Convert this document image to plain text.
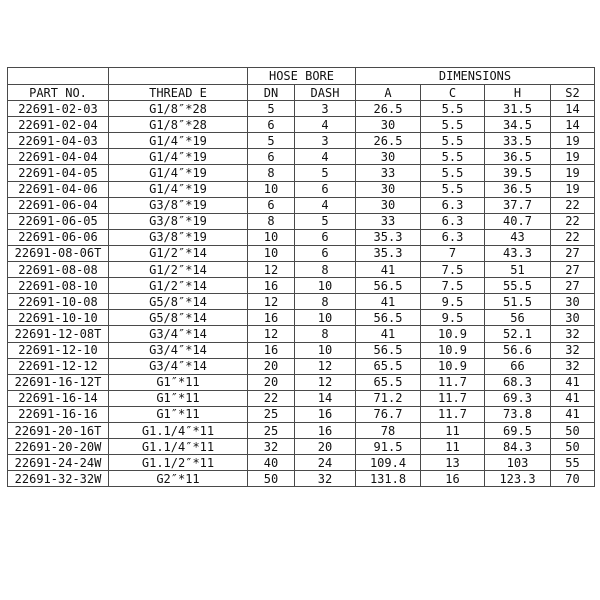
		HOSE BORE		DIMENSIONS			
PART NO.	THREAD E	DN	DASH	A	C	H	S2
22691-02-03	G1/8″*28	5	3	26.5	5.5	31.5	14
22691-02-04	G1/8″*28	6	4	30	5.5	34.5	14
22691-04-03	G1/4″*19	5	3	26.5	5.5	33.5	19
22691-04-04	G1/4″*19	6	4	30	5.5	36.5	19
22691-04-05	G1/4″*19	8	5	33	5.5	39.5	19
22691-04-06	G1/4″*19	10	6	30	5.5	36.5	19
22691-06-04	G3/8″*19	6	4	30	6.3	37.7	22
22691-06-05	G3/8″*19	8	5	33	6.3	40.7	22
22691-06-06	G3/8″*19	10	6	35.3	6.3	43	22
22691-08-06T	G1/2″*14	10	6	35.3	7	43.3	27
22691-08-08	G1/2″*14	12	8	41	7.5	51	27
22691-08-10	G1/2″*14	16	10	56.5	7.5	55.5	27
22691-10-08	G5/8″*14	12	8	41	9.5	51.5	30
22691-10-10	G5/8″*14	16	10	56.5	9.5	56	30
22691-12-08T	G3/4″*14	12	8	41	10.9	52.1	32
22691-12-10	G3/4″*14	16	10	56.5	10.9	56.6	32
22691-12-12	G3/4″*14	20	12	65.5	10.9	66	32
22691-16-12T	G1″*11	20	12	65.5	11.7	68.3	41
22691-16-14	G1″*11	22	14	71.2	11.7	69.3	41
22691-16-16	G1″*11	25	16	76.7	11.7	73.8	41
22691-20-16T	G1.1/4″*11	25	16	78	11	69.5	50
22691-20-20W	G1.1/4″*11	32	20	91.5	11	84.3	50
22691-24-24W	G1.1/2″*11	40	24	109.4	13	103	55
22691-32-32W	G2″*11	50	32	131.8	16	123.3	70
